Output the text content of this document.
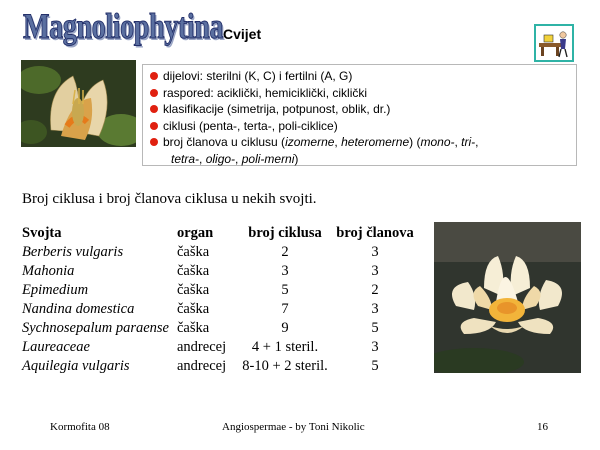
Magnoliophytina Cvijet
dijelovi: sterilni (K, C) i fertilni (A, G)
raspored: aciklički, hemiciklički, ciklički
klasifikacije (simetrija, potpunost, oblik, dr.)
ciklusi (penta-, terta-, poli-ciklice)
broj članova u ciklusu (izomerne, heteromerne) (mono-, tri-,
tetra-, oligo-, poli-merni)
Broj ciklusa i broj članova ciklusa u nekih svojti.
Svojta	organ	broj ciklusa	broj članova
Berberis vulgaris	čaška	2	3
Mahonia	čaška	3	3
Epimedium	čaška	5	2
Nandina domestica	čaška	7	3
Sychnosepalum paraense	čaška	9	5
Laureaceae	andrecej	4 + 1 steril.	3
Aquilegia vulgaris	andrecej	8-10 + 2 steril.	5
Kormofita 08	Angiospermae - by Toni Nikolic	16
